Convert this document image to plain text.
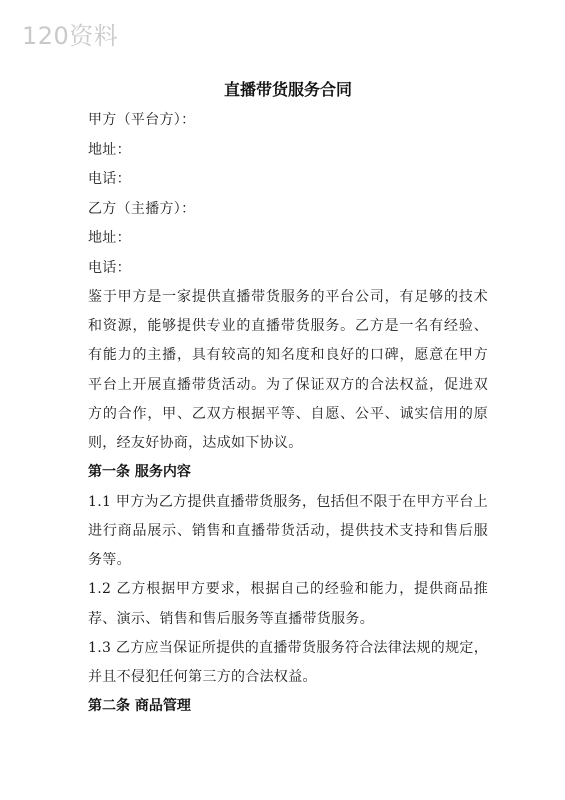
120资料
直播带货服务合同

甲方（平台方）：

地址：

电话：

乙方（主播方）：

地址：

电话：

鉴于甲方是一家提供直播带货服务的平台公司，有足够的技术和资源，能够提供专业的直播带货服务。乙方是一名有经验、有能力的主播，具有较高的知名度和良好的口碑，愿意在甲方平台上开展直播带货活动。为了保证双方的合法权益，促进双方的合作，甲、乙双方根据平等、自愿、公平、诚实信用的原则，经友好协商，达成如下协议。

第一条 服务内容

1.1 甲方为乙方提供直播带货服务，包括但不限于在甲方平台上进行商品展示、销售和直播带货活动，提供技术支持和售后服务等。

1.2 乙方根据甲方要求，根据自己的经验和能力，提供商品推荐、演示、销售和售后服务等直播带货服务。

1.3 乙方应当保证所提供的直播带货服务符合法律法规的规定，并且不侵犯任何第三方的合法权益。

第二条 商品管理
